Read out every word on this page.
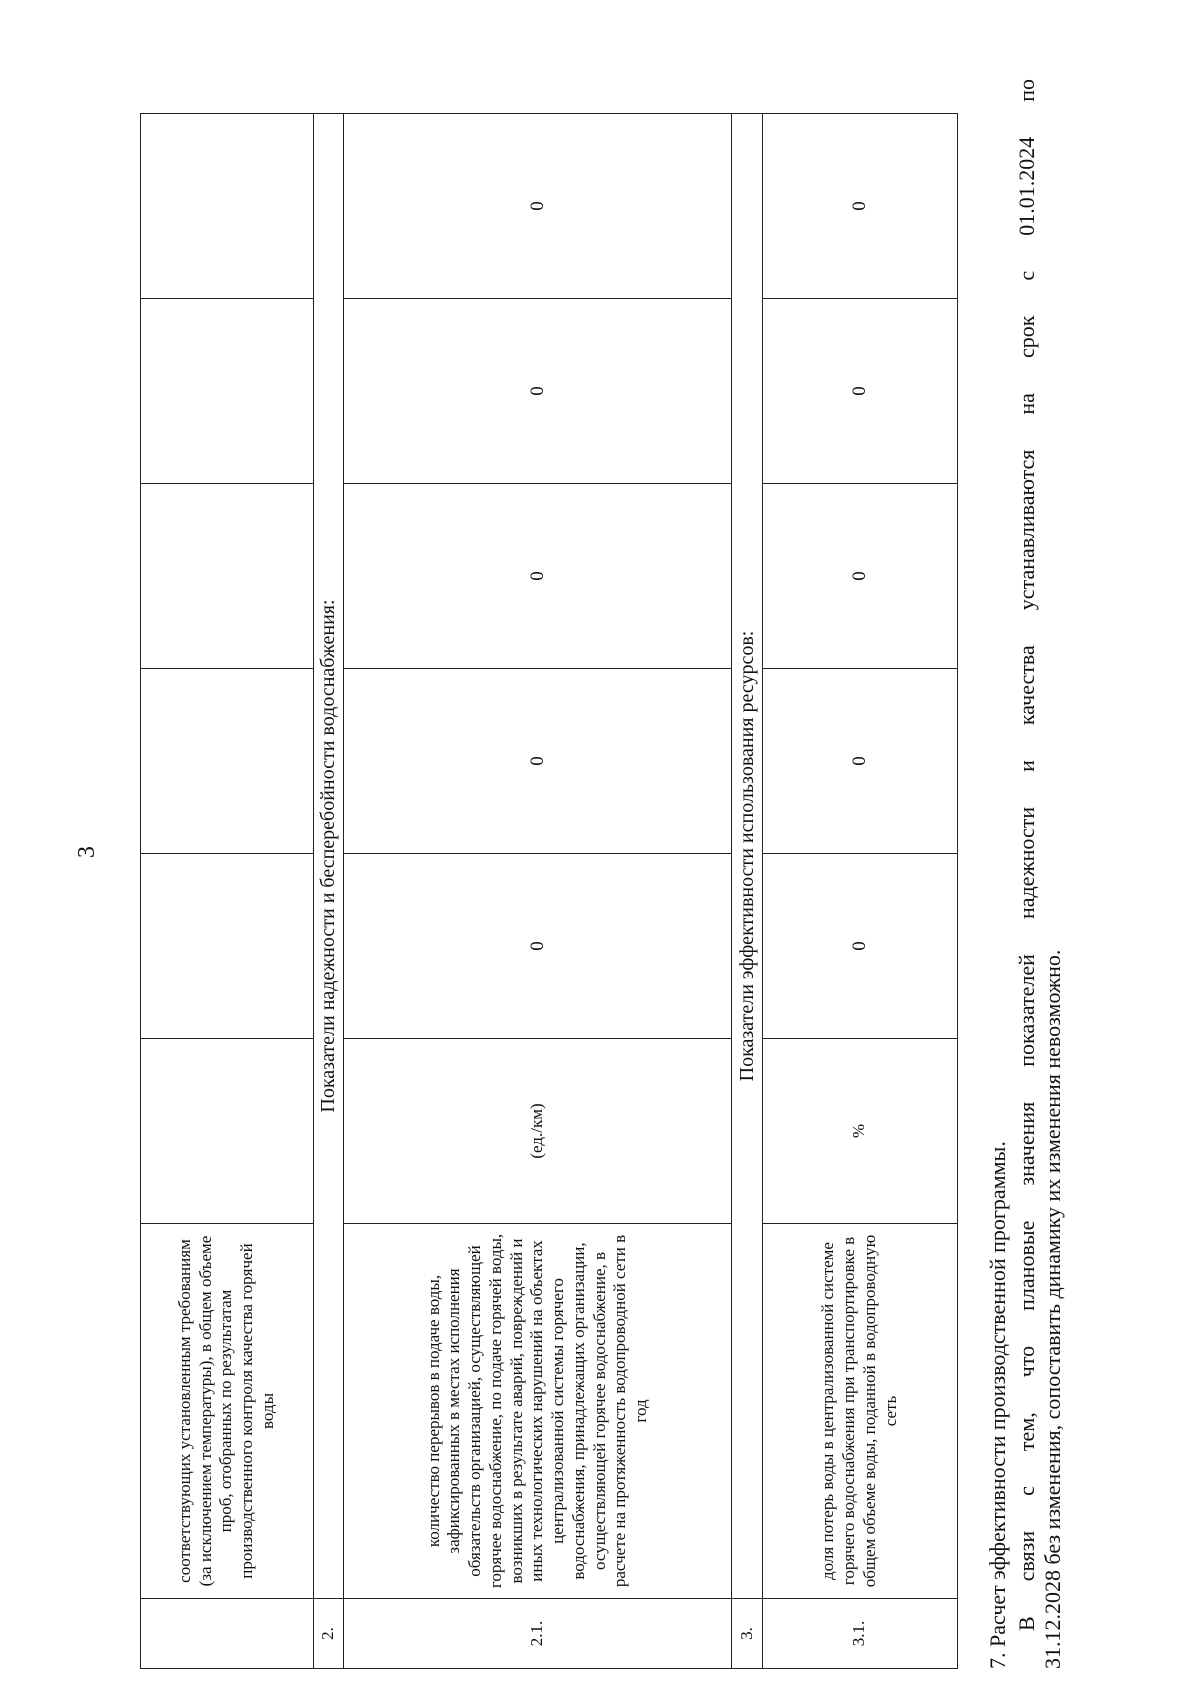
3
	соответствующих установленным требованиям (за исключением температуры), в общем объеме проб, отобранных по результатам производственного контроля качества горячей воды						
2.	Показатели надежности и бесперебойности водоснабжения:						
2.1.	количество перерывов в подаче воды, зафиксированных в местах исполнения обязательств организацией, осуществляющей горячее водоснабжение, по подаче горячей воды, возникших в результате аварий, повреждений и иных технологических нарушений на объектах централизованной системы горячего водоснабжения, принадлежащих организации, осуществляющей горячее водоснабжение, в расчете на протяженность водопроводной сети в год	(ед./км)	0	0	0	0	0
3.	Показатели эффективности использования ресурсов:						
3.1.	доля потерь воды в централизованной системе горячего водоснабжения при транспортировке в общем объеме воды, поданной в водопроводную сеть	%	0	0	0	0	0
7. Расчет эффективности производственной программы. В связи с тем, что плановые значения показателей надежности и качества устанавливаются на срок с 01.01.2024 по 31.12.2028 без изменения, сопоставить динамику их изменения невозможно.
